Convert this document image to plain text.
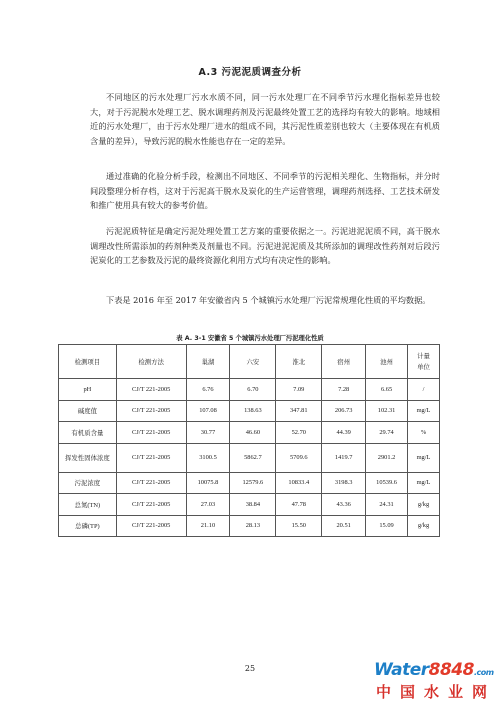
A.3 污泥泥质调查分析

不同地区的污水处理厂污水水质不同，同一污水处理厂在不同季节污水理化指标差异也较大，对于污泥脱水处理工艺、脱水调理药剂及污泥最终处置工艺的选择均有较大的影响。地域相近的污水处理厂，由于污水处理厂进水的组成不同，其污泥性质差别也较大（主要体现在有机质含量的差异），导致污泥的脱水性能也存在一定的差异。

通过准确的化验分析手段，检测出不同地区、不同季节的污泥相关理化、生物指标，并分时间段整理分析存档，这对于污泥高干脱水及炭化的生产运营管理，调理药剂选择、工艺技术研发和推广使用具有较大的参考价值。

污泥泥质特征是确定污泥处理处置工艺方案的重要依据之一。污泥进泥泥质不同，高干脱水调理改性所需添加的药剂种类及剂量也不同。污泥进泥泥质及其所添加的调理改性药剂对后段污泥炭化的工艺参数及污泥的最终资源化利用方式均有决定性的影响。

下表是 2016 年至 2017 年安徽省内 5 个城镇污水处理厂污泥常规理化性质的平均数据。

表 A. 3-1 安徽省 5 个城镇污水处理厂污泥理化性质
检测项目	检测方法	巢湖	六安	淮北	宿州	池州	计量
单位
pH	CJ/T 221-2005	6.76	6.70	7.09	7.28	6.65	/
碱度值	CJ/T 221-2005	107.08	138.63	347.81	206.73	102.31	mg/L
有机质含量	CJ/T 221-2005	30.77	46.60	52.70	44.39	29.74	%
挥发性固体浓度	CJ/T 221-2005	3100.5	5862.7	5709.6	1419.7	2901.2	mg/L
污泥浓度	CJ/T 221-2005	10075.8	12579.6	10833.4	3198.3	10539.6	mg/L
总氮(TN)	CJ/T 221-2005	27.03	38.84	47.78	43.36	24.31	g/kg
总磷(TP)	CJ/T 221-2005	21.10	28.13	15.50	20.51	15.09	g/kg
25	Water8848.com
中国水业网
